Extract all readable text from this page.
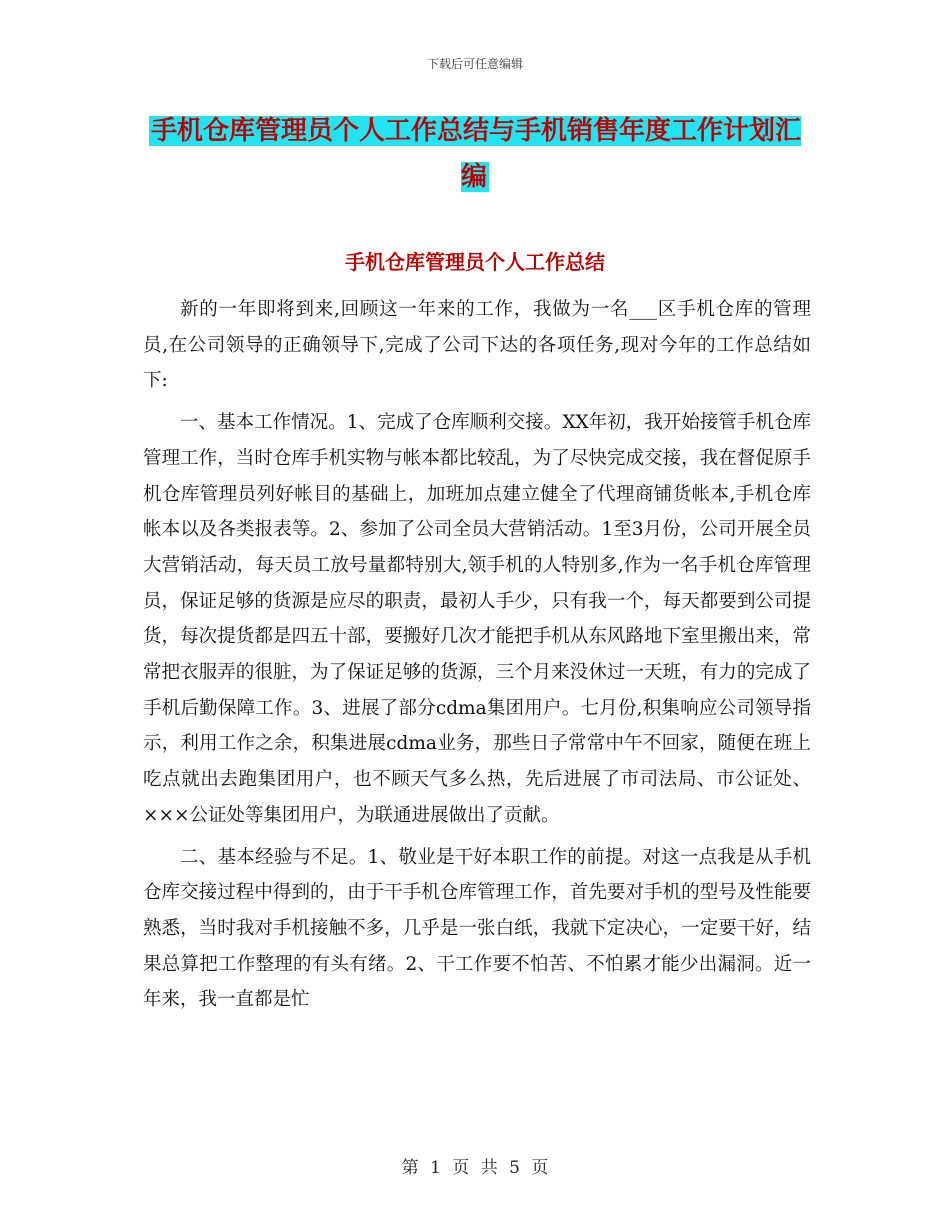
下载后可任意编辑
手机仓库管理员个人工作总结与手机销售年度工作计划汇编
手机仓库管理员个人工作总结

新的一年即将到来,回顾这一年来的工作，我做为一名___区手机仓库的管理员,在公司领导的正确领导下,完成了公司下达的各项任务,现对今年的工作总结如下:

一、基本工作情况。1、完成了仓库顺利交接。XX年初，我开始接管手机仓库管理工作，当时仓库手机实物与帐本都比较乱，为了尽快完成交接，我在督促原手机仓库管理员列好帐目的基础上，加班加点建立健全了代理商铺货帐本,手机仓库帐本以及各类报表等。2、参加了公司全员大营销活动。1至3月份，公司开展全员大营销活动，每天员工放号量都特别大,领手机的人特别多,作为一名手机仓库管理员，保证足够的货源是应尽的职责，最初人手少，只有我一个，每天都要到公司提货，每次提货都是四五十部，要搬好几次才能把手机从东风路地下室里搬出来，常常把衣服弄的很脏，为了保证足够的货源，三个月来没休过一天班，有力的完成了手机后勤保障工作。3、进展了部分cdma集团用户。七月份,积集响应公司领导指示，利用工作之余，积集进展cdma业务，那些日子常常中午不回家，随便在班上吃点就出去跑集团用户，也不顾天气多么热，先后进展了市司法局、市公证处、×××公证处等集团用户，为联通进展做出了贡献。

二、基本经验与不足。1、敬业是干好本职工作的前提。对这一点我是从手机仓库交接过程中得到的，由于干手机仓库管理工作，首先要对手机的型号及性能要熟悉，当时我对手机接触不多，几乎是一张白纸，我就下定决心，一定要干好，结果总算把工作整理的有头有绪。2、干工作要不怕苦、不怕累才能少出漏洞。近一年来，我一直都是忙

第 1 页 共 5 页
